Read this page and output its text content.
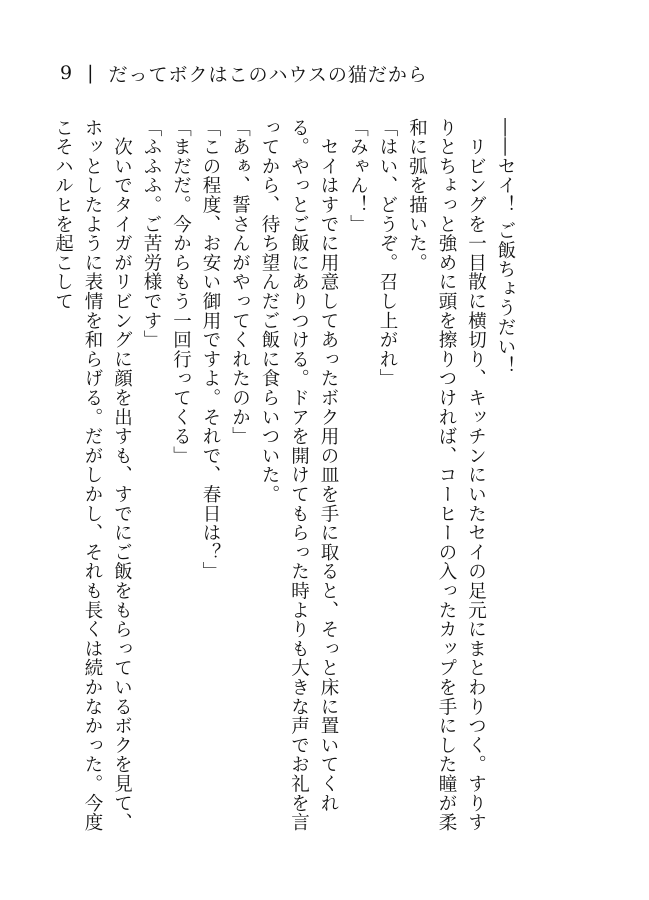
9 | だってボクはこのハウスの猫だから

――セイ！ ご飯ちょうだい！

　リビングを一目散に横切り、キッチンにいたセイの足元にまとわりつく。すりすりとちょっと強めに頭を擦りつければ、コーヒーの入ったカップを手にした瞳が柔和に弧を描いた。

「はい、どうぞ。召し上がれ」

「みゃん！」

　セイはすでに用意してあったボク用の皿を手に取ると、そっと床に置いてくれる。やっとご飯にありつける。ドアを開けてもらった時よりも大きな声でお礼を言ってから、待ち望んだご飯に食らいついた。

「あぁ、誓さんがやってくれたのか」

「この程度、お安い御用ですよ。それで、春日は？」

「まだだ。今からもう一回行ってくる」

「ふふふ。ご苦労様です」

　次いでタイガがリビングに顔を出すも、すでにご飯をもらっているボクを見て、ホッとしたように表情を和らげる。だがしかし、それも長くは続かなかった。今度こそハルヒを起こして
